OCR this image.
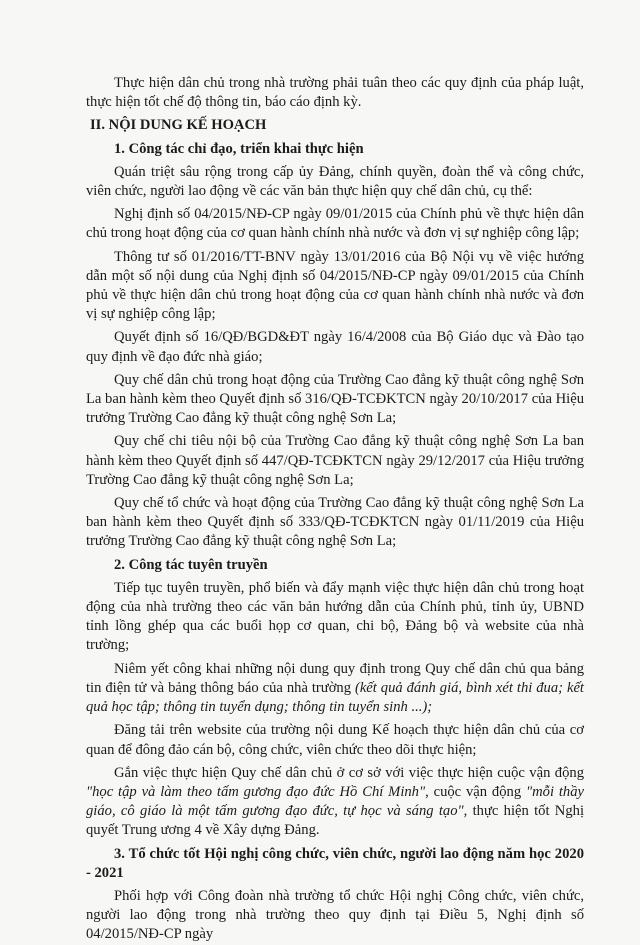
Thực hiện dân chủ trong nhà trường phải tuân theo các quy định của pháp luật, thực hiện tốt chế độ thông tin, báo cáo định kỳ.

II. NỘI DUNG KẾ HOẠCH

1. Công tác chỉ đạo, triển khai thực hiện

Quán triệt sâu rộng trong cấp ủy Đảng, chính quyền, đoàn thể và công chức, viên chức, người lao động về các văn bản thực hiện quy chế dân chủ, cụ thể:

Nghị định số 04/2015/NĐ-CP ngày 09/01/2015 của Chính phủ về thực hiện dân chủ trong hoạt động của cơ quan hành chính nhà nước và đơn vị sự nghiệp công lập;

Thông tư số 01/2016/TT-BNV ngày 13/01/2016 của Bộ Nội vụ về việc hướng dẫn một số nội dung của Nghị định số 04/2015/NĐ-CP ngày 09/01/2015 của Chính phủ về thực hiện dân chủ trong hoạt động của cơ quan hành chính nhà nước và đơn vị sự nghiệp công lập;

Quyết định số 16/QĐ/BGD&ĐT ngày 16/4/2008 của Bộ Giáo dục và Đào tạo quy định về đạo đức nhà giáo;

Quy chế dân chủ trong hoạt động của Trường Cao đẳng kỹ thuật công nghệ Sơn La ban hành kèm theo Quyết định số 316/QĐ-TCĐKTCN ngày 20/10/2017 của Hiệu trưởng Trường Cao đẳng kỹ thuật công nghệ Sơn La;

Quy chế chi tiêu nội bộ của Trường Cao đẳng kỹ thuật công nghệ Sơn La ban hành kèm theo Quyết định số 447/QĐ-TCĐKTCN ngày 29/12/2017 của Hiệu trưởng Trường Cao đẳng kỹ thuật công nghệ Sơn La;

Quy chế tổ chức và hoạt động của Trường Cao đẳng kỹ thuật công nghệ Sơn La ban hành kèm theo Quyết định số 333/QĐ-TCĐKTCN ngày 01/11/2019 của Hiệu trưởng Trường Cao đẳng kỹ thuật công nghệ Sơn La;

2. Công tác tuyên truyền

Tiếp tục tuyên truyền, phổ biến và đẩy mạnh việc thực hiện dân chủ trong hoạt động của nhà trường theo các văn bản hướng dẫn của Chính phủ, tỉnh ủy, UBND tỉnh lồng ghép qua các buổi họp cơ quan, chi bộ, Đảng bộ và website của nhà trường;

Niêm yết công khai những nội dung quy định trong Quy chế dân chủ qua bảng tin điện tử và bảng thông báo của nhà trường (kết quả đánh giá, bình xét thi đua; kết quả học tập; thông tin tuyển dụng; thông tin tuyển sinh ...);

Đăng tải trên website của trường nội dung Kế hoạch thực hiện dân chủ của cơ quan để đông đảo cán bộ, công chức, viên chức theo dõi thực hiện;

Gắn việc thực hiện Quy chế dân chủ ở cơ sở với việc thực hiện cuộc vận động "học tập và làm theo tấm gương đạo đức Hồ Chí Minh", cuộc vận động "mỗi thầy giáo, cô giáo là một tấm gương đạo đức, tự học và sáng tạo", thực hiện tốt Nghị quyết Trung ương 4 về Xây dựng Đảng.

3. Tổ chức tốt Hội nghị công chức, viên chức, người lao động năm học 2020 - 2021

Phối hợp với Công đoàn nhà trường tổ chức Hội nghị Công chức, viên chức, người lao động trong nhà trường theo quy định tại Điều 5, Nghị định số 04/2015/NĐ-CP ngày
